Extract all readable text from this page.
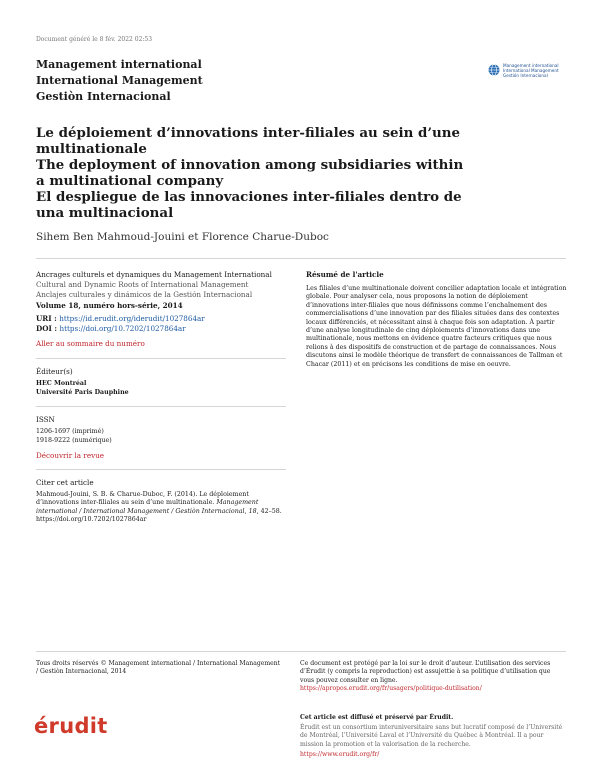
Document généré le 8 fév. 2022 02:53
Management international
International Management
Gestiòn Internacional
Management international
International Management
Gestión Internacional
Le déploiement d’innovations inter-filiales au sein d’une multinationale
The deployment of innovation among subsidiaries within a multinational company
El despliegue de las innovaciones inter-filiales dentro de una multinacional
Sihem Ben Mahmoud-Jouini et Florence Charue-Duboc
Ancrages culturels et dynamiques du Management International
Cultural and Dynamic Roots of International Management
Anclajes culturales y dinámicos de la Gestión Internacional
Volume 18, numéro hors-série, 2014
URI : https://id.erudit.org/iderudit/1027864ar
DOI : https://doi.org/10.7202/1027864ar
Aller au sommaire du numéro
Éditeur(s)
HEC Montréal
Université Paris Dauphine
ISSN
1206-1697 (imprimé)
1918-9222 (numérique)
Découvrir la revue
Citer cet article
Mahmoud-Jouini, S. B. & Charue-Duboc, F. (2014). Le déploiement d’innovations inter-filiales au sein d’une multinationale. Management international / International Management / Gestiòn Internacional, 18, 42–58.
https://doi.org/10.7202/1027864ar
Résumé de l'article
Les filiales d’une multinationale doivent concilier adaptation locale et intégration globale. Pour analyser cela, nous proposons la notion de déploiement d’innovations inter-filiales que nous définissons comme l’enchaînement des commercialisations d’une innovation par des filiales situées dans des contextes locaux différenciés, et nécessitant ainsi à chaque fois son adaptation. À partir d’une analyse longitudinale de cinq déploiements d’innovations dans une multinationale, nous mettons en évidence quatre facteurs critiques que nous relions à des dispositifs de construction et de partage de connaissances. Nous discutons ainsi le modèle théorique de transfert de connaissances de Tallman et Chacar (2011) et en précisons les conditions de mise en oeuvre.
Tous droits réservés © Management international / International Management / Gestiòn Internacional, 2014
Ce document est protégé par la loi sur le droit d’auteur. L’utilisation des services d’Érudit (y compris la reproduction) est assujettie à sa politique d’utilisation que vous pouvez consulter en ligne.
https://apropos.erudit.org/fr/usagers/politique-dutilisation/
érudit	Cet article est diffusé et préservé par Érudit.
Érudit est un consortium interuniversitaire sans but lucratif composé de l’Université de Montréal, l’Université Laval et l’Université du Québec à Montréal. Il a pour mission la promotion et la valorisation de la recherche.
https://www.erudit.org/fr/
